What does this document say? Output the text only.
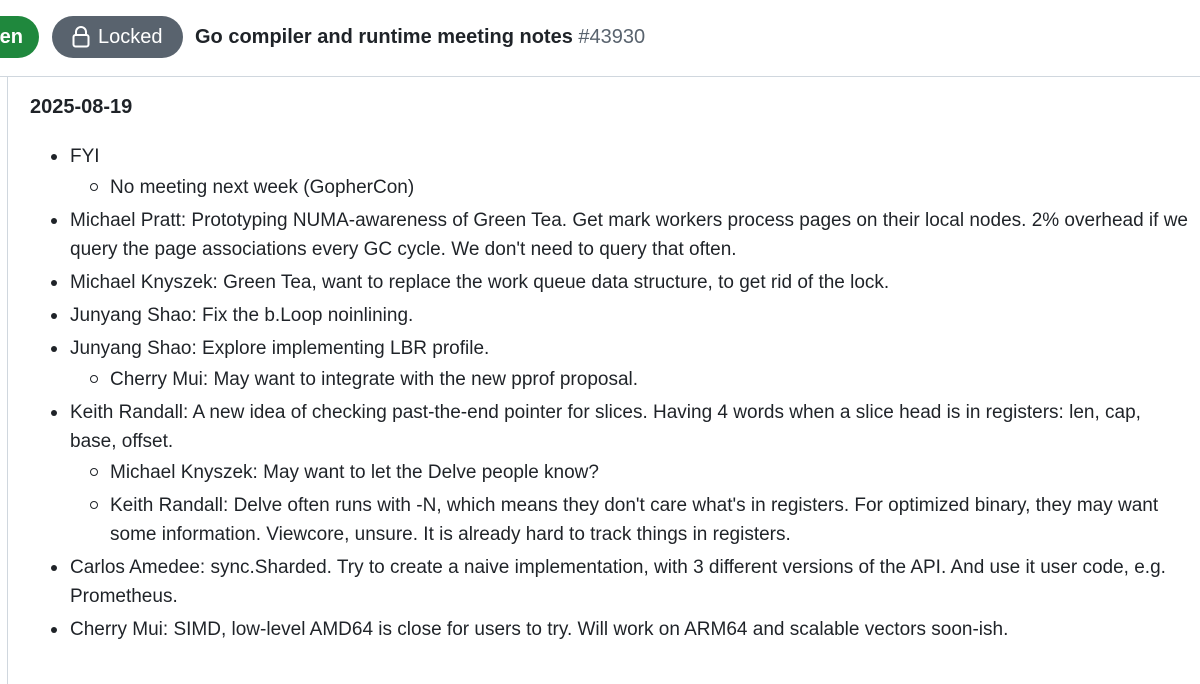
en	Locked Go compiler and runtime meeting notes #43930
2025-08-19
FYI
No meeting next week (GopherCon)
Michael Pratt: Prototyping NUMA-awareness of Green Tea. Get mark workers process pages on their local nodes. 2% overhead if we query the page associations every GC cycle. We don't need to query that often.
Michael Knyszek: Green Tea, want to replace the work queue data structure, to get rid of the lock.
Junyang Shao: Fix the b.Loop noinlining.
Junyang Shao: Explore implementing LBR profile.
Cherry Mui: May want to integrate with the new pprof proposal.
Keith Randall: A new idea of checking past-the-end pointer for slices. Having 4 words when a slice head is in registers: len, cap, base, offset.
Michael Knyszek: May want to let the Delve people know?
Keith Randall: Delve often runs with -N, which means they don't care what's in registers. For optimized binary, they may want some information. Viewcore, unsure. It is already hard to track things in registers.
Carlos Amedee: sync.Sharded. Try to create a naive implementation, with 3 different versions of the API. And use it user code, e.g. Prometheus.
Cherry Mui: SIMD, low-level AMD64 is close for users to try. Will work on ARM64 and scalable vectors soon-ish.
